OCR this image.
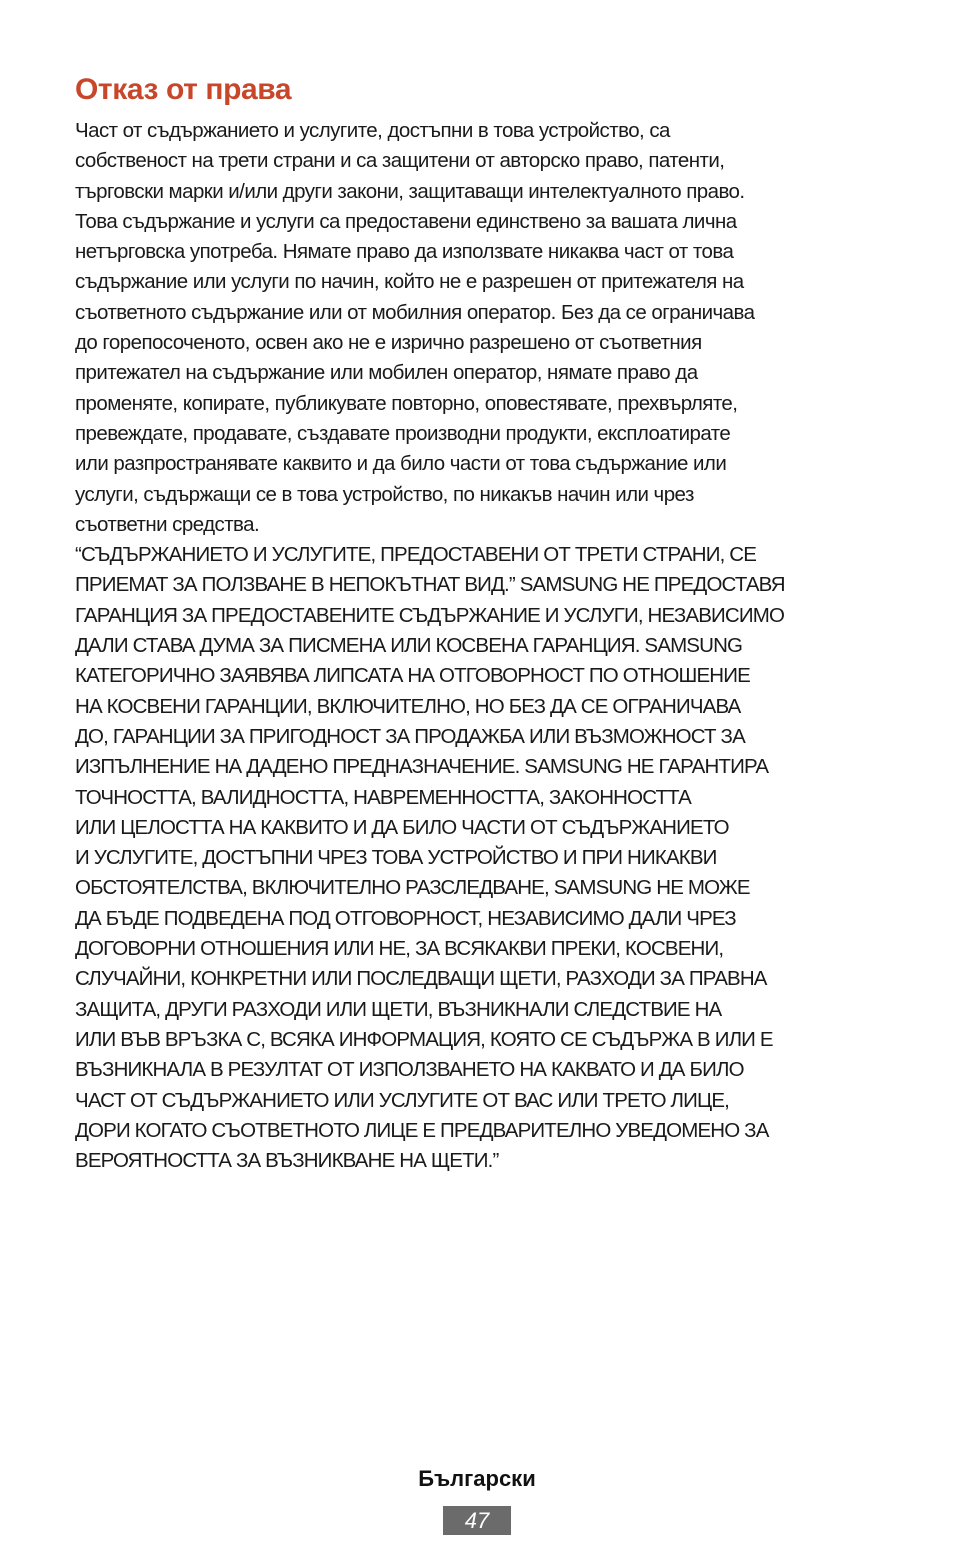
Отказ от права
Част от съдържанието и услугите, достъпни в това устройство, са
собственост на трети страни и са защитени от авторско право, патенти,
търговски марки и/или други закони, защитаващи интелектуалното право.
Това съдържание и услуги са предоставени единствено за вашата лична
нетърговска употреба. Нямате право да използвате никаква част от това
съдържание или услуги по начин, който не е разрешен от притежателя на
съответното съдържание или от мобилния оператор. Без да се ограничава
до горепосоченото, освен ако не е изрично разрешено от съответния
притежател на съдържание или мобилен оператор, нямате право да
променяте, копирате, публикувате повторно, оповестявате, прехвърляте,
превеждате, продавате, създавате производни продукти, експлоатирате
или разпространявате каквито и да било части от това съдържание или
услуги, съдържащи се в това устройство, по никакъв начин или чрез
съответни средства.
“СЪДЪРЖАНИЕТО И УСЛУГИТЕ, ПРЕДОСТАВЕНИ ОТ ТРЕТИ СТРАНИ, СЕ
ПРИЕМАТ ЗА ПОЛЗВАНЕ В НЕПОКЪТНАТ ВИД.” SAMSUNG НЕ ПРЕДОСТАВЯ
ГАРАНЦИЯ ЗА ПРЕДОСТАВЕНИТЕ СЪДЪРЖАНИЕ И УСЛУГИ, НЕЗАВИСИМО
ДАЛИ СТАВА ДУМА ЗА ПИСМЕНА ИЛИ КОСВЕНА ГАРАНЦИЯ. SAMSUNG
КАТЕГОРИЧНО ЗАЯВЯВА ЛИПСАТА НА ОТГОВОРНОСТ ПО ОТНОШЕНИЕ
НА КОСВЕНИ ГАРАНЦИИ, ВКЛЮЧИТЕЛНО, НО БЕЗ ДА СЕ ОГРАНИЧАВА
ДО, ГАРАНЦИИ ЗА ПРИГОДНОСТ ЗА ПРОДАЖБА ИЛИ ВЪЗМОЖНОСТ ЗА
ИЗПЪЛНЕНИЕ НА ДАДЕНО ПРЕДНАЗНАЧЕНИЕ. SAMSUNG НЕ ГАРАНТИРА
ТОЧНОСТТА, ВАЛИДНОСТТА, НАВРЕМЕННОСТТА, ЗАКОННОСТТА
ИЛИ ЦЕЛОСТТА НА КАКВИТО И ДА БИЛО ЧАСТИ ОТ СЪДЪРЖАНИЕТО
И УСЛУГИТЕ, ДОСТЪПНИ ЧРЕЗ ТОВА УСТРОЙСТВО И ПРИ НИКАКВИ
ОБСТОЯТЕЛСТВА, ВКЛЮЧИТЕЛНО РАЗСЛЕДВАНЕ, SAMSUNG НЕ МОЖЕ
ДА БЪДЕ ПОДВЕДЕНА ПОД ОТГОВОРНОСТ, НЕЗАВИСИМО ДАЛИ ЧРЕЗ
ДОГОВОРНИ ОТНОШЕНИЯ ИЛИ НЕ, ЗА ВСЯКАКВИ ПРЕКИ, КОСВЕНИ,
СЛУЧАЙНИ, КОНКРЕТНИ ИЛИ ПОСЛЕДВАЩИ ЩЕТИ, РАЗХОДИ ЗА ПРАВНА
ЗАЩИТА, ДРУГИ РАЗХОДИ ИЛИ ЩЕТИ, ВЪЗНИКНАЛИ СЛЕДСТВИЕ НА
ИЛИ ВЪВ ВРЪЗКА С, ВСЯКА ИНФОРМАЦИЯ, КОЯТО СЕ СЪДЪРЖА В ИЛИ Е
ВЪЗНИКНАЛА В РЕЗУЛТАТ ОТ ИЗПОЛЗВАНЕТО НА КАКВАТО И ДА БИЛО
ЧАСТ ОТ СЪДЪРЖАНИЕТО ИЛИ УСЛУГИТЕ ОТ ВАС ИЛИ ТРЕТО ЛИЦЕ,
ДОРИ КОГАТО СЪОТВЕТНОТО ЛИЦЕ Е ПРЕДВАРИТЕЛНО УВЕДОМЕНО ЗА
ВЕРОЯТНОСТТА ЗА ВЪЗНИКВАНЕ НА ЩЕТИ.”
Български
47
